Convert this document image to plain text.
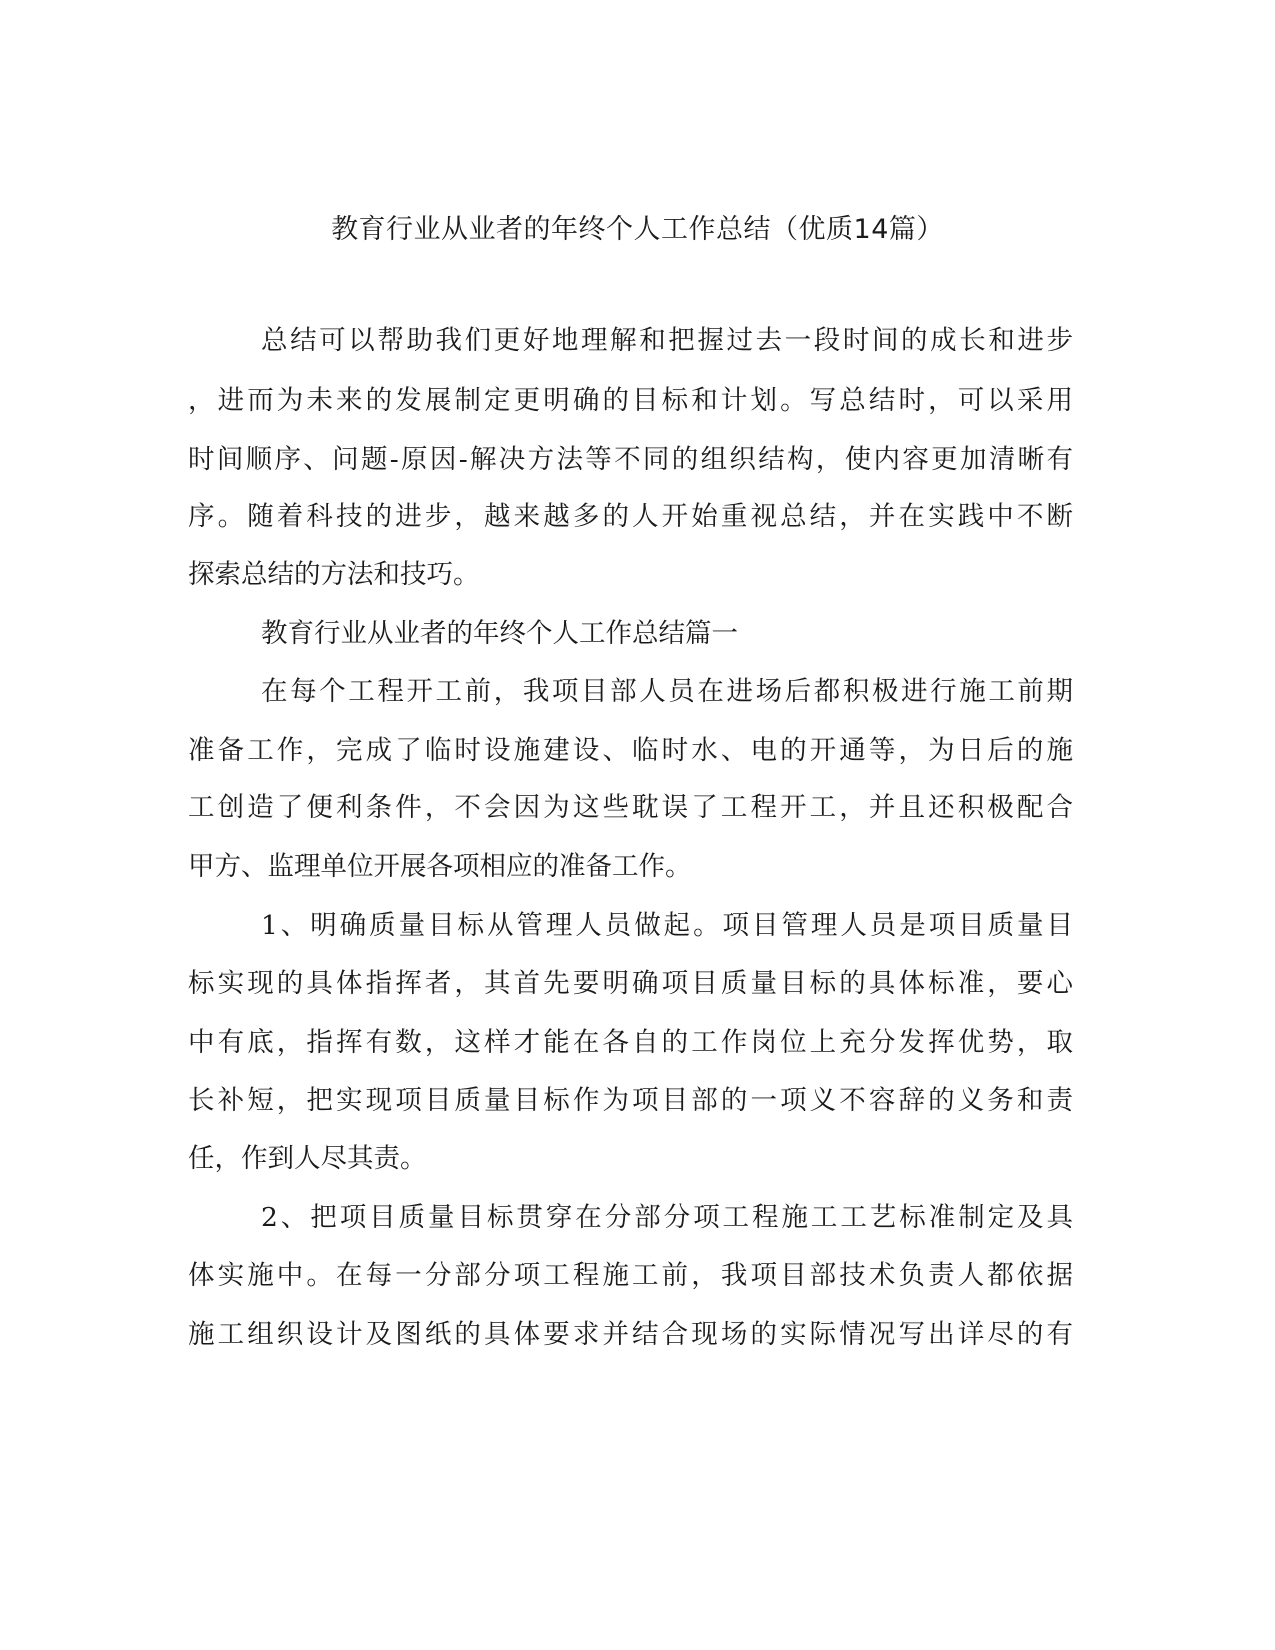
教育行业从业者的年终个人工作总结（优质14篇）

总结可以帮助我们更好地理解和把握过去一段时间的成长和进步

，进而为未来的发展制定更明确的目标和计划。写总结时，可以采用

时间顺序、问题-原因-解决方法等不同的组织结构，使内容更加清晰有

序。随着科技的进步，越来越多的人开始重视总结，并在实践中不断

探索总结的方法和技巧。

教育行业从业者的年终个人工作总结篇一

在每个工程开工前，我项目部人员在进场后都积极进行施工前期

准备工作，完成了临时设施建设、临时水、电的开通等，为日后的施

工创造了便利条件，不会因为这些耽误了工程开工，并且还积极配合

甲方、监理单位开展各项相应的准备工作。

1、明确质量目标从管理人员做起。项目管理人员是项目质量目

标实现的具体指挥者，其首先要明确项目质量目标的具体标准，要心

中有底，指挥有数，这样才能在各自的工作岗位上充分发挥优势，取

长补短，把实现项目质量目标作为项目部的一项义不容辞的义务和责

任，作到人尽其责。

2、把项目质量目标贯穿在分部分项工程施工工艺标准制定及具

体实施中。在每一分部分项工程施工前，我项目部技术负责人都依据

施工组织设计及图纸的具体要求并结合现场的实际情况写出详尽的有
